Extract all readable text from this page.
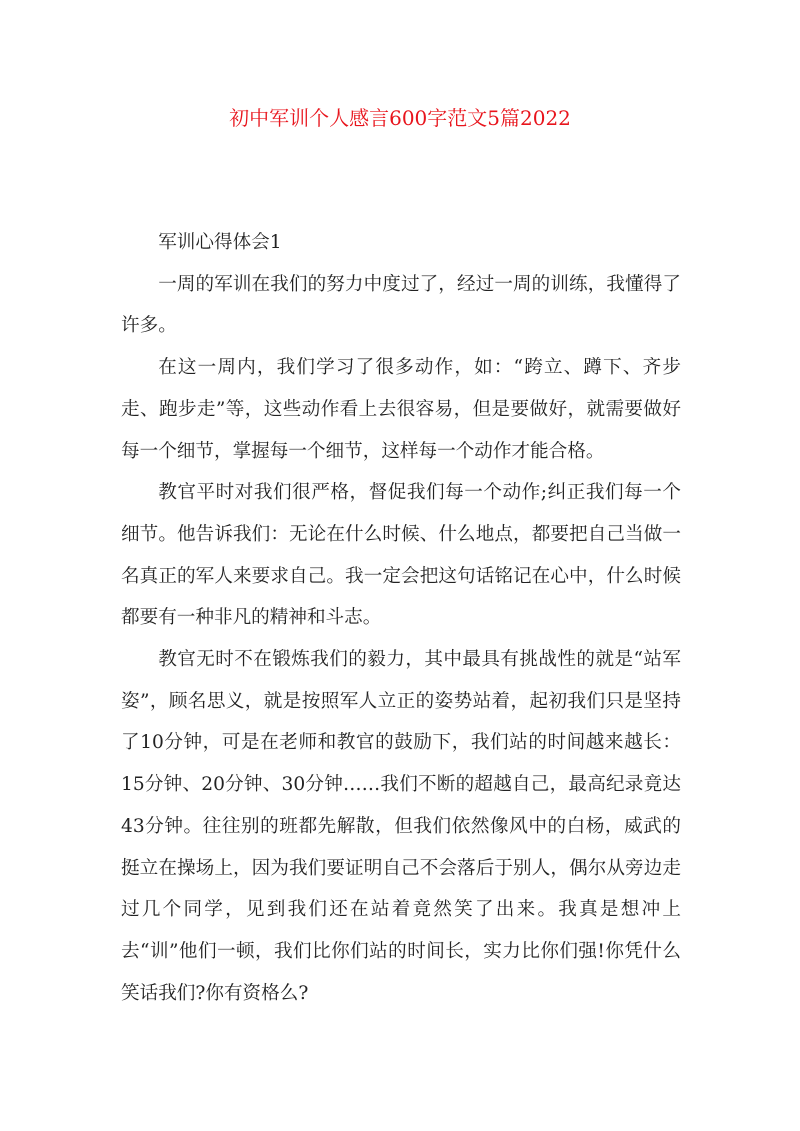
初中军训个人感言600字范文5篇2022

军训心得体会1

一周的军训在我们的努力中度过了，经过一周的训练，我懂得了许多。

在这一周内，我们学习了很多动作，如：“跨立、蹲下、齐步走、跑步走”等，这些动作看上去很容易，但是要做好，就需要做好每一个细节，掌握每一个细节，这样每一个动作才能合格。

教官平时对我们很严格，督促我们每一个动作;纠正我们每一个细节。他告诉我们：无论在什么时候、什么地点，都要把自己当做一名真正的军人来要求自己。我一定会把这句话铭记在心中，什么时候都要有一种非凡的精神和斗志。

教官无时不在锻炼我们的毅力，其中最具有挑战性的就是“站军姿”，顾名思义，就是按照军人立正的姿势站着，起初我们只是坚持了10分钟，可是在老师和教官的鼓励下，我们站的时间越来越长：15分钟、20分钟、30分钟……我们不断的超越自己，最高纪录竟达43分钟。往往别的班都先解散，但我们依然像风中的白杨，威武的挺立在操场上，因为我们要证明自己不会落后于别人，偶尔从旁边走过几个同学，见到我们还在站着竟然笑了出来。我真是想冲上去“训”他们一顿，我们比你们站的时间长，实力比你们强!你凭什么笑话我们?你有资格么?
